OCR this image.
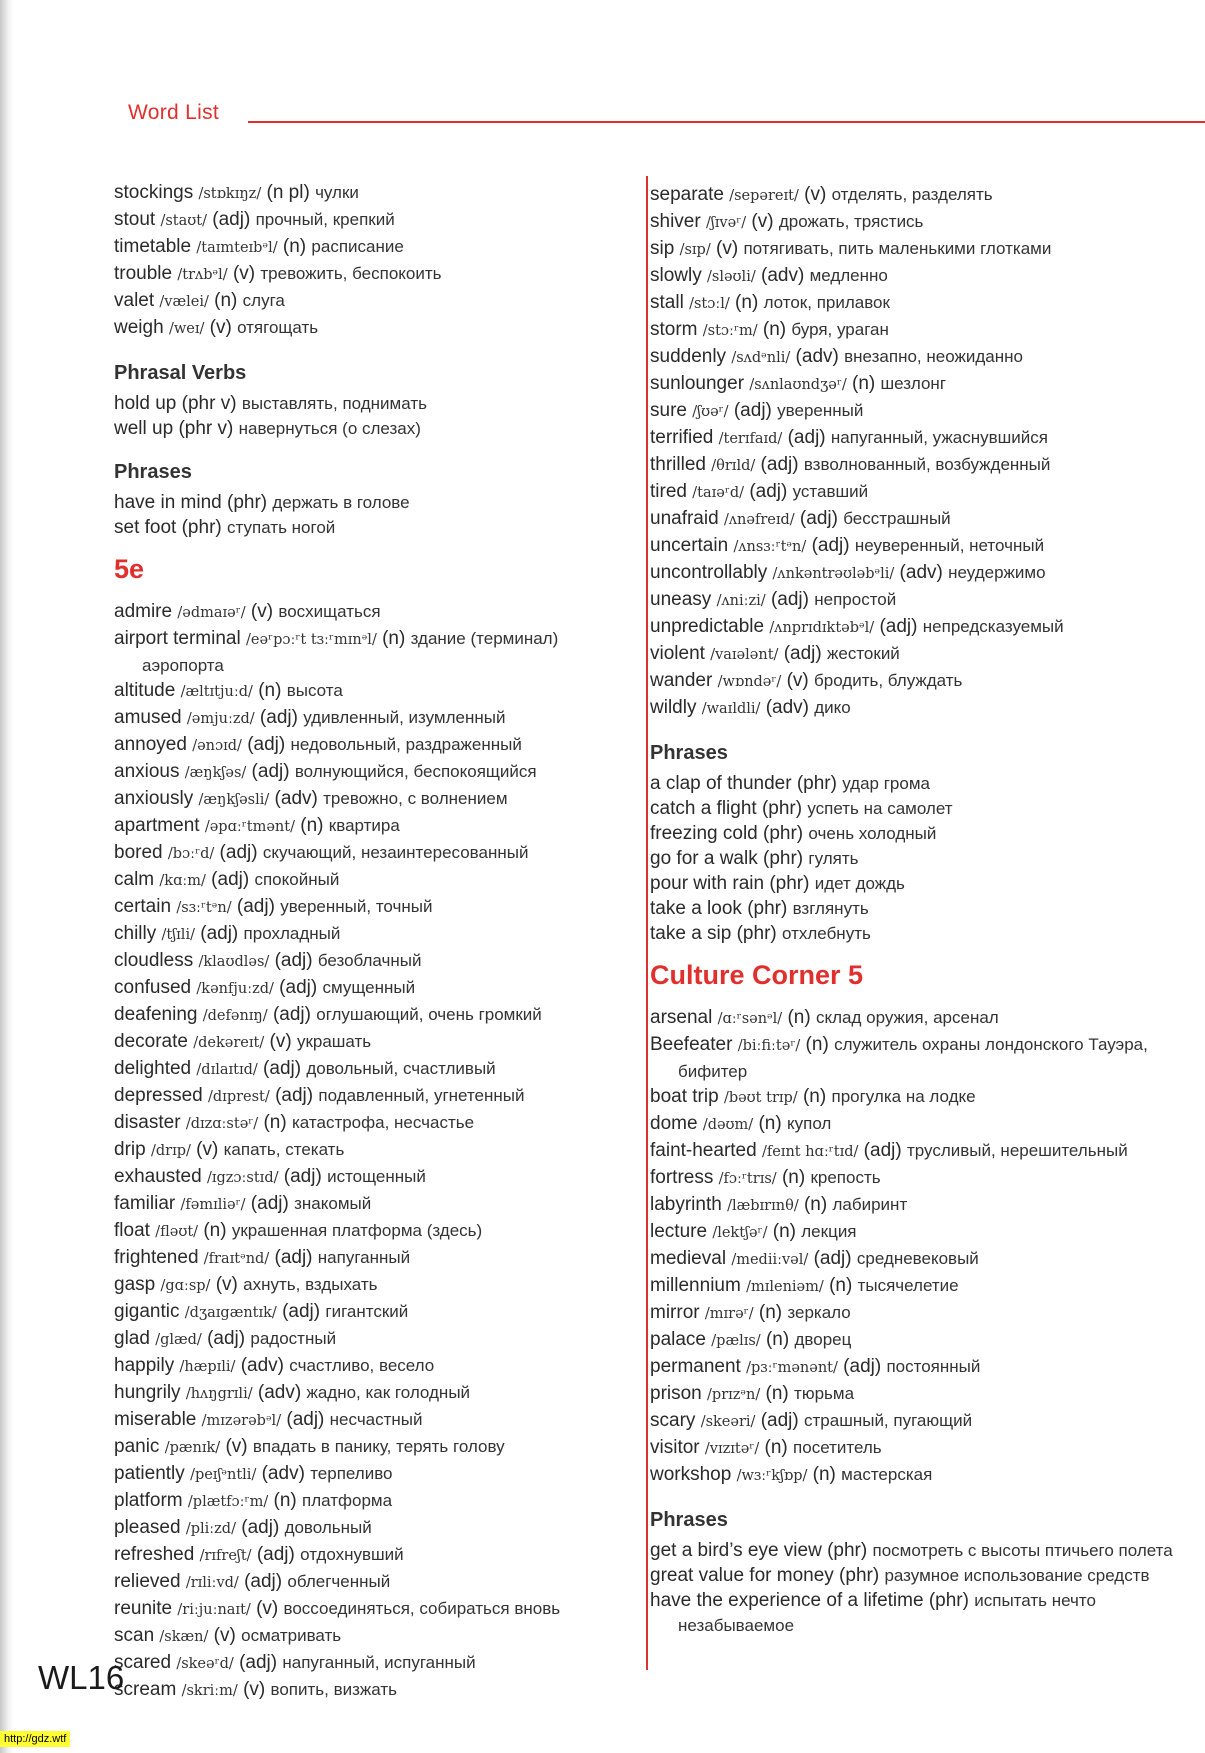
Word List
stockings /stɒkɪŋz/ (n pl) чулки
stout /staʊt/ (adj) прочный, крепкий
timetable /taɪmteɪbᵊl/ (n) расписание
trouble /trʌbᵊl/ (v) тревожить, беспокоить
valet /vælei/ (n) слуга
weigh /weɪ/ (v) отягощать
Phrasal Verbs
hold up (phr v) выставлять, поднимать
well up (phr v) навернуться (о слезах)
Phrases
have in mind (phr) держать в голове
set foot (phr) ступать ногой
5e
admire /ədmaɪəʳ/ (v) восхищаться
airport terminal /eəʳpɔːʳt tɜːʳmɪnᵊl/ (n) здание (терминал) аэропорта
altitude /æltɪtjuːd/ (n) высота
amused /əmjuːzd/ (adj) удивленный, изумленный
annoyed /ənɔɪd/ (adj) недовольный, раздраженный
anxious /æŋkʃəs/ (adj) волнующийся, беспокоящийся
anxiously /æŋkʃəsli/ (adv) тревожно, с волнением
apartment /əpɑːʳtmənt/ (n) квартира
bored /bɔːʳd/ (adj) скучающий, незаинтересованный
calm /kɑːm/ (adj) спокойный
certain /sɜːʳtᵊn/ (adj) уверенный, точный
chilly /tʃɪli/ (adj) прохладный
cloudless /klaʊdləs/ (adj) безоблачный
confused /kənfjuːzd/ (adj) смущенный
deafening /defənɪŋ/ (adj) оглушающий, очень громкий
decorate /dekəreɪt/ (v) украшать
delighted /dɪlaɪtɪd/ (adj) довольный, счастливый
depressed /dɪprest/ (adj) подавленный, угнетенный
disaster /dɪzɑːstəʳ/ (n) катастрофа, несчастье
drip /drɪp/ (v) капать, стекать
exhausted /ɪgzɔːstɪd/ (adj) истощенный
familiar /fəmɪliəʳ/ (adj) знакомый
float /fləʊt/ (n) украшенная платформа (здесь)
frightened /fraɪtᵊnd/ (adj) напуганный
gasp /gɑːsp/ (v) ахнуть, вздыхать
gigantic /dʒaɪgæntɪk/ (adj) гигантский
glad /glæd/ (adj) радостный
happily /hæpɪli/ (adv) счастливо, весело
hungrily /hʌŋgrɪli/ (adv) жадно, как голодный
miserable /mɪzərəbᵊl/ (adj) несчастный
panic /pænɪk/ (v) впадать в панику, терять голову
patiently /peɪʃᵊntli/ (adv) терпеливо
platform /plætfɔːʳm/ (n) платформа
pleased /pliːzd/ (adj) довольный
refreshed /rɪfreʃt/ (adj) отдохнувший
relieved /rɪliːvd/ (adj) облегченный
reunite /riːjuːnaɪt/ (v) воссоединяться, собираться вновь
scan /skæn/ (v) осматривать
scared /skeəʳd/ (adj) напуганный, испуганный
scream /skriːm/ (v) вопить, визжать
separate /sepəreɪt/ (v) отделять, разделять
shiver /ʃɪvəʳ/ (v) дрожать, трястись
sip /sɪp/ (v) потягивать, пить маленькими глотками
slowly /sləʊli/ (adv) медленно
stall /stɔːl/ (n) лоток, прилавок
storm /stɔːʳm/ (n) буря, ураган
suddenly /sʌdᵊnli/ (adv) внезапно, неожиданно
sunlounger /sʌnlaʊndʒəʳ/ (n) шезлонг
sure /ʃʊəʳ/ (adj) уверенный
terrified /terɪfaɪd/ (adj) напуганный, ужаснувшийся
thrilled /θrɪld/ (adj) взволнованный, возбужденный
tired /taɪəʳd/ (adj) уставший
unafraid /ʌnəfreɪd/ (adj) бесстрашный
uncertain /ʌnsɜːʳtᵊn/ (adj) неуверенный, неточный
uncontrollably /ʌnkəntrəʊləbᵊli/ (adv) неудержимо
uneasy /ʌniːzi/ (adj) непростой
unpredictable /ʌnprɪdɪktəbᵊl/ (adj) непредсказуемый
violent /vaɪələnt/ (adj) жестокий
wander /wɒndəʳ/ (v) бродить, блуждать
wildly /waɪldli/ (adv) дико
Phrases
a clap of thunder (phr) удар грома
catch a flight (phr) успеть на самолет
freezing cold (phr) очень холодный
go for a walk (phr) гулять
pour with rain (phr) идет дождь
take a look (phr) взглянуть
take a sip (phr) отхлебнуть
Culture Corner 5
arsenal /ɑːʳsənᵊl/ (n) склад оружия, арсенал
Beefeater /biːfiːtəʳ/ (n) служитель охраны лондонского Тауэра, бифитер
boat trip /bəʊt trɪp/ (n) прогулка на лодке
dome /dəʊm/ (n) купол
faint-hearted /feɪnt hɑːʳtɪd/ (adj) трусливый, нерешительный
fortress /fɔːʳtrɪs/ (n) крепость
labyrinth /læbɪrɪnθ/ (n) лабиринт
lecture /lektʃəʳ/ (n) лекция
medieval /mediiːvəl/ (adj) средневековый
millennium /mɪleniəm/ (n) тысячелетие
mirror /mɪrəʳ/ (n) зеркало
palace /pælɪs/ (n) дворец
permanent /pɜːʳmənənt/ (adj) постоянный
prison /prɪzᵊn/ (n) тюрьма
scary /skeəri/ (adj) страшный, пугающий
visitor /vɪzɪtəʳ/ (n) посетитель
workshop /wɜːʳkʃɒp/ (n) мастерская
Phrases
get a bird’s eye view (phr) посмотреть с высоты птичьего полета
great value for money (phr) разумное использование средств
have the experience of a lifetime (phr) испытать нечто незабываемое
WL16
http://gdz.wtf
